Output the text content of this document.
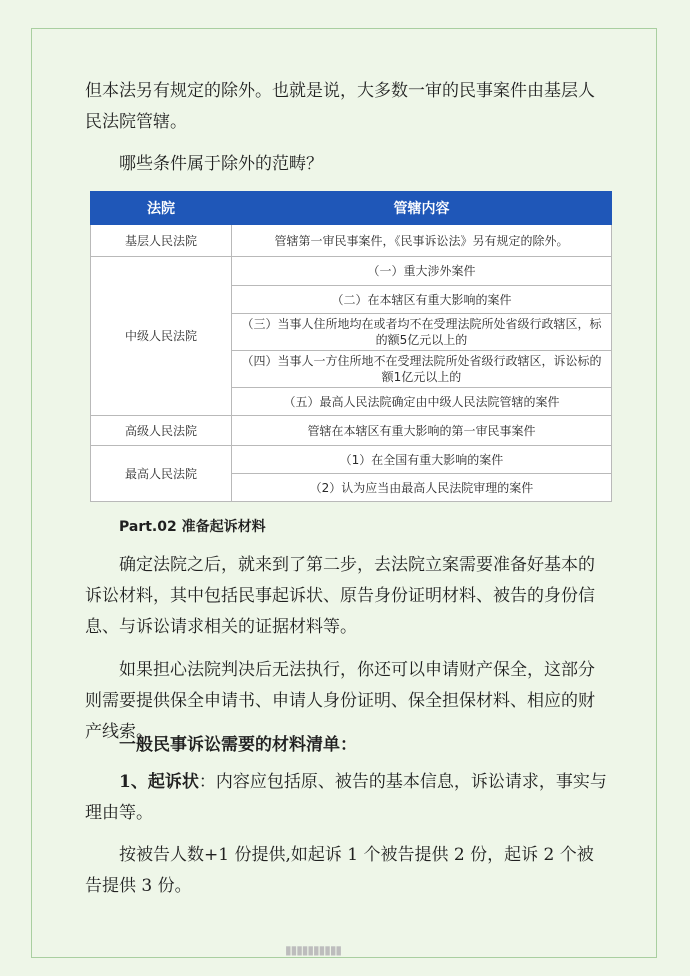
但本法另有规定的除外。也就是说，大多数一审的民事案件由基层人民法院管辖。

哪些条件属于除外的范畴？

法院	管辖内容
基层人民法院	管辖第一审民事案件，《民事诉讼法》另有规定的除外。
中级人民法院	（一）重大涉外案件
	（二）在本辖区有重大影响的案件
	（三）当事人住所地均在或者均不在受理法院所处省级行政辖区，标的额5亿元以上的
	（四）当事人一方住所地不在受理法院所处省级行政辖区，诉讼标的额1亿元以上的
	（五）最高人民法院确定由中级人民法院管辖的案件
高级人民法院	管辖在本辖区有重大影响的第一审民事案件
最高人民法院	（1）在全国有重大影响的案件
	（2）认为应当由最高人民法院审理的案件

Part.02 准备起诉材料

确定法院之后，就来到了第二步，去法院立案需要准备好基本的诉讼材料，其中包括民事起诉状、原告身份证明材料、被告的身份信息、与诉讼请求相关的证据材料等。

如果担心法院判决后无法执行，你还可以申请财产保全，这部分则需要提供保全申请书、申请人身份证明、保全担保材料、相应的财产线索。

一般民事诉讼需要的材料清单：

1、起诉状：内容应包括原、被告的基本信息，诉讼请求，事实与理由等。

按被告人数+1 份提供,如起诉 1 个被告提供 2 份，起诉 2 个被告提供 3 份。

▮▮▮▮▮▮▮▮▮▮
